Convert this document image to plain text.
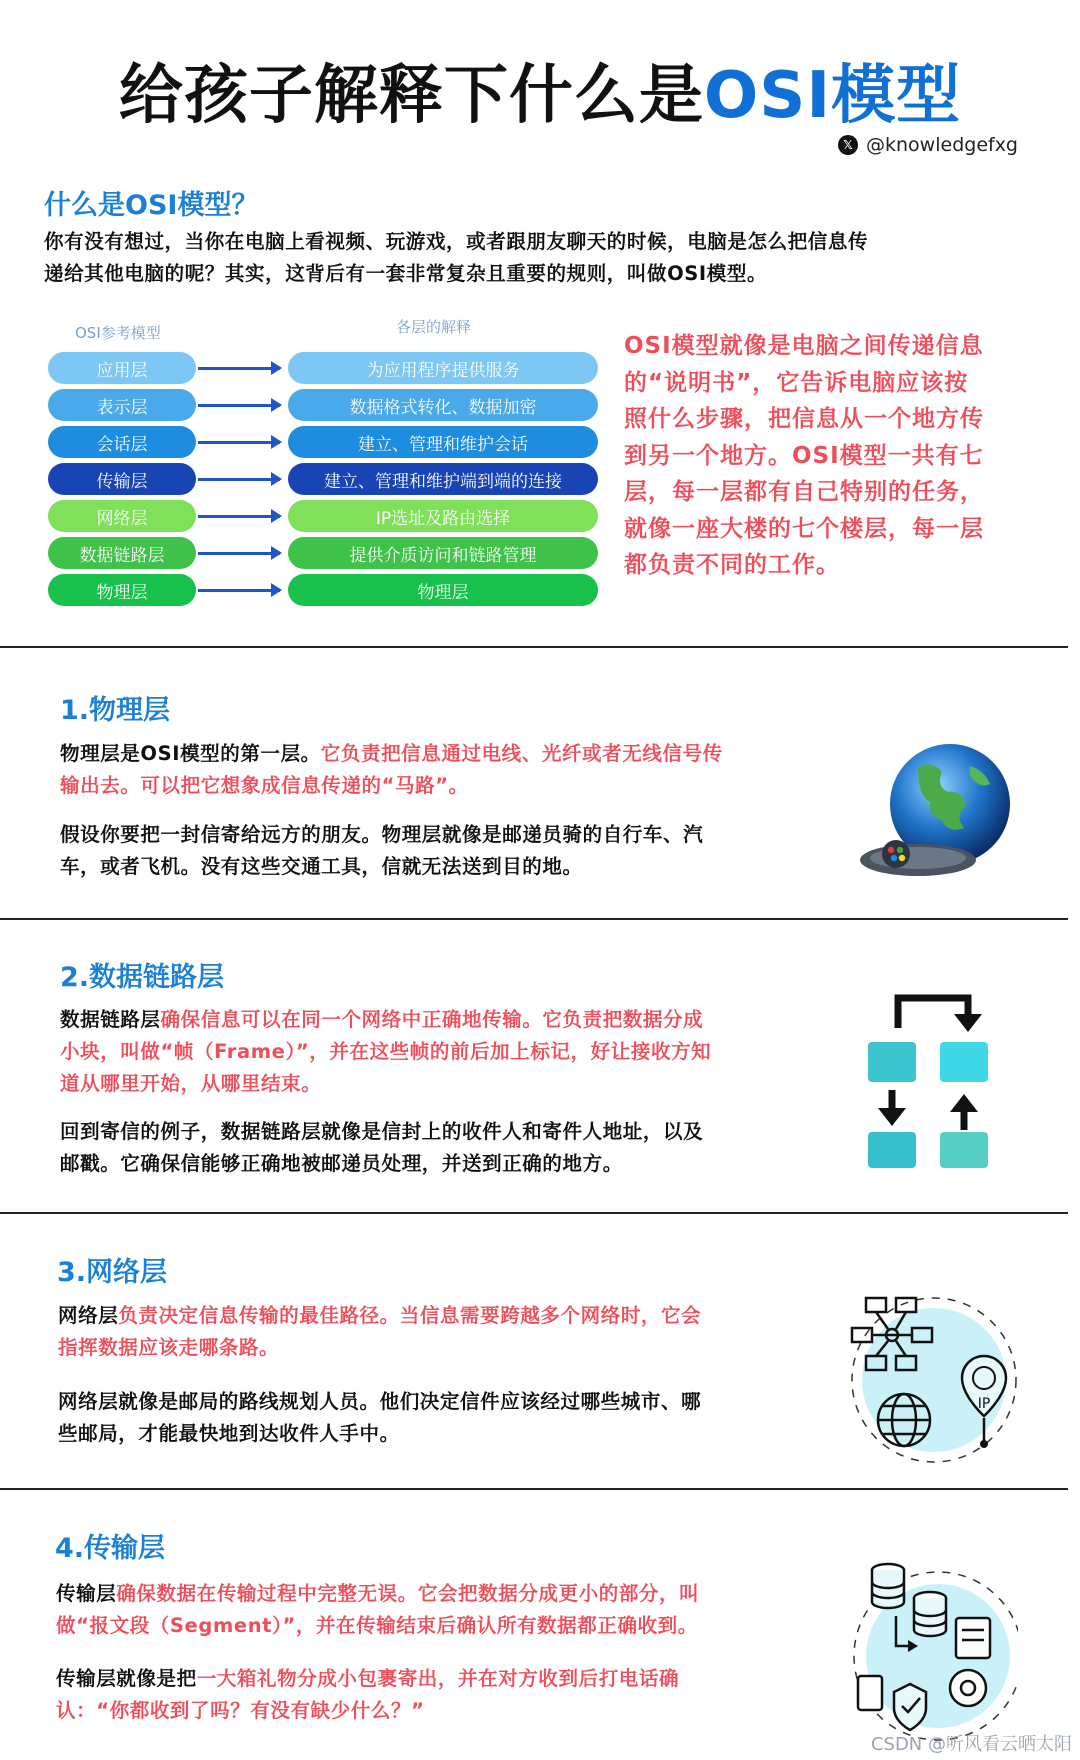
给孩子解释下什么是OSI模型
𝕏 @knowledgefxg
什么是OSI模型？
你有没有想过，当你在电脑上看视频、玩游戏，或者跟朋友聊天的时候，电脑是怎么把信息传
递给其他电脑的呢？其实，这背后有一套非常复杂且重要的规则，叫做OSI模型。
OSI参考模型	各层的解释
应用层	为应用程序提供服务
表示层	数据格式转化、数据加密
会话层	建立、管理和维护会话
传输层	建立、管理和维护端到端的连接
网络层	IP选址及路由选择
数据链路层	提供介质访问和链路管理
物理层	物理层
OSI模型就像是电脑之间传递信息
的“说明书”，它告诉电脑应该按
照什么步骤，把信息从一个地方传
到另一个地方。OSI模型一共有七
层，每一层都有自己特别的任务，
就像一座大楼的七个楼层，每一层
都负责不同的工作。
1.物理层
物理层是OSI模型的第一层。它负责把信息通过电线、光纤或者无线信号传
输出去。可以把它想象成信息传递的“马路”。
假设你要把一封信寄给远方的朋友。物理层就像是邮递员骑的自行车、汽
车，或者飞机。没有这些交通工具，信就无法送到目的地。
2.数据链路层
数据链路层确保信息可以在同一个网络中正确地传输。它负责把数据分成
小块，叫做“帧（Frame）”，并在这些帧的前后加上标记，好让接收方知
道从哪里开始，从哪里结束。
回到寄信的例子，数据链路层就像是信封上的收件人和寄件人地址，以及
邮戳。它确保信能够正确地被邮递员处理，并送到正确的地方。
3.网络层
网络层负责决定信息传输的最佳路径。当信息需要跨越多个网络时，它会
指挥数据应该走哪条路。
网络层就像是邮局的路线规划人员。他们决定信件应该经过哪些城市、哪
些邮局，才能最快地到达收件人手中。
IP
4.传输层
传输层确保数据在传输过程中完整无误。它会把数据分成更小的部分，叫
做“报文段（Segment）”，并在传输结束后确认所有数据都正确收到。
传输层就像是把一大箱礼物分成小包裹寄出，并在对方收到后打电话确
认：“你都收到了吗？有没有缺少什么？”
CSDN @听风看云晒太阳
